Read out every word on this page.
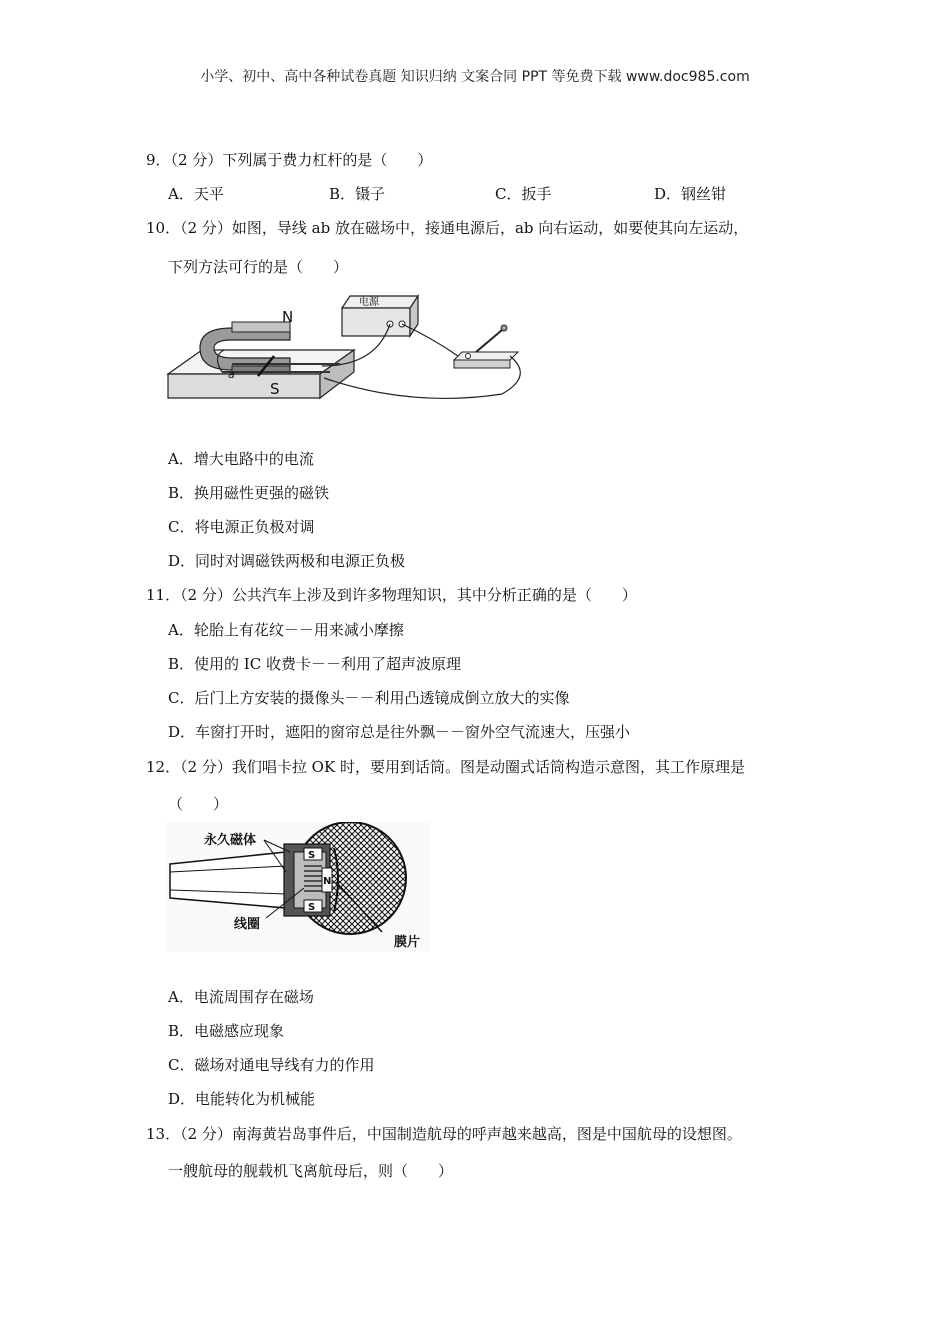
小学、初中、高中各种试卷真题 知识归纳 文案合同 PPT 等免费下载 www.doc985.com
9．（2 分）下列属于费力杠杆的是（　　）
A．天平	B．镊子	C．扳手	D．钢丝钳
10．（2 分）如图，导线 ab 放在磁场中，接通电源后，ab 向右运动，如要使其向左运动，
下列方法可行的是（　　）
a
N
S
电源
A．增大电路中的电流
B．换用磁性更强的磁铁
C．将电源正负极对调
D．同时对调磁铁两极和电源正负极
11．（2 分）公共汽车上涉及到许多物理知识，其中分析正确的是（　　）
A．轮胎上有花纹－－用来减小摩擦
B．使用的 IC 收费卡－－利用了超声波原理
C．后门上方安装的摄像头－－利用凸透镜成倒立放大的实像
D．车窗打开时，遮阳的窗帘总是往外飘－－窗外空气流速大，压强小
12．（2 分）我们唱卡拉 OK 时，要用到话筒。图是动圈式话筒构造示意图，其工作原理是
（　　）
S
S
N
永久磁体
线圈
膜片
A．电流周围存在磁场
B．电磁感应现象
C．磁场对通电导线有力的作用
D．电能转化为机械能
13．（2 分）南海黄岩岛事件后，中国制造航母的呼声越来越高，图是中国航母的设想图。
一艘航母的舰载机飞离航母后，则（　　）
